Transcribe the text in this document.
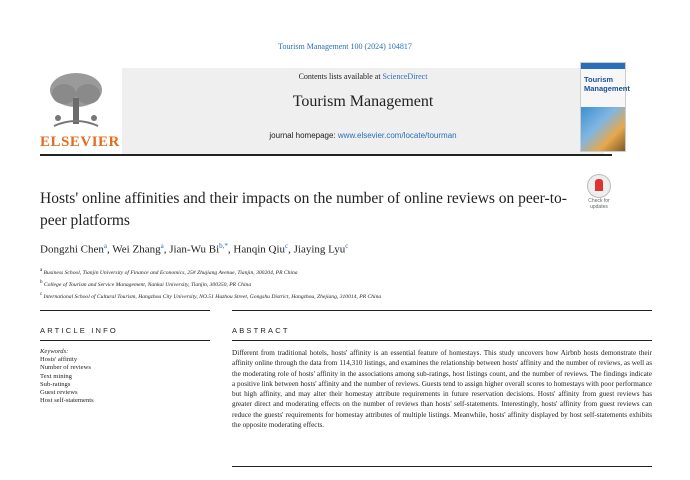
Tourism Management 100 (2024) 104817
ELSEVIER
Contents lists available at ScienceDirect
Tourism Management
journal homepage: www.elsevier.com/locate/tourman
Tourism Management
Hosts' online affinities and their impacts on the number of online reviews on peer-to-peer platforms
Check for updates
Dongzhi Chen$^a$, Wei Zhang$^a$, Jian-Wu $Bi^{b,*}$, Hanqin Qiu$^c$, Jiaying Lyu$^c$
$^a$ Business School, Tianjin University of Finance and Economics, 25# Zhujiang Avenue, Tianjin, 300204, PR China
$^b$ College of Tourism and Service Management, Nankai University, Tianjin, 300350, PR China
$^c$ International School of Cultural Tourism, Hangzhou City University, NO.51 Huzhou Street, Gongshu District, Hangzhou, Zhejiang, 310014, PR China
ARTICLE INFO	ABSTRACT
Keywords:
Hosts' affinity
Number of reviews
Text mining
Sub-ratings
Guest reviews
Host self-statements
Different from traditional hotels, hosts' affinity is an essential feature of homestays. This study uncovers how Airbnb hosts demonstrate their affinity online through the data from 114,310 listings, and examines the relationship between hosts' affinity and the number of reviews, as well as the moderating role of hosts' affinity in the associations among sub-ratings, host listings count, and the number of reviews. The findings indicate a positive link between hosts' affinity and the number of reviews. Guests tend to assign higher overall scores to homestays with poor performance but high affinity, and may alter their homestay attribute requirements in future reservation decisions. Hosts' affinity from guest reviews has greater direct and moderating effects on the number of reviews than hosts' self-statements. Interestingly, hosts' affinity from guest reviews can reduce the guests' requirements for homestay attributes of multiple listings. Meanwhile, hosts' affinity displayed by host self-statements exhibits the opposite moderating effects.
